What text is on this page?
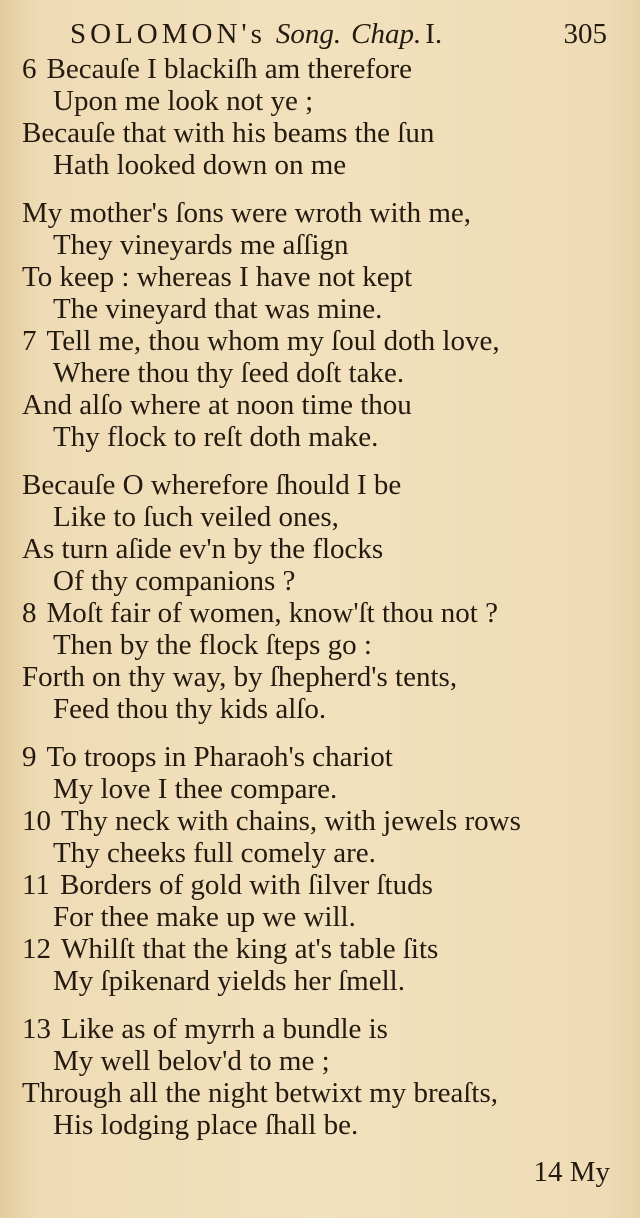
SOLOMON's Song. Chap. I.	305
6 Becauſe I blackiſh am therefore
Upon me look not ye ;
Becauſe that with his beams the ſun
Hath looked down on me
My mother's ſons were wroth with me,
They vineyards me aſſign
To keep : whereas I have not kept
The vineyard that was mine.
7 Tell me, thou whom my ſoul doth love,
Where thou thy ſeed doſt take.
And alſo where at noon time thou
Thy flock to reſt doth make.
Becauſe O wherefore ſhould I be
Like to ſuch veiled ones,
As turn aſide ev'n by the flocks
Of thy companions ?
8 Moſt fair of women, know'ſt thou not ?
Then by the flock ſteps go :
Forth on thy way, by ſhepherd's tents,
Feed thou thy kids alſo.
9 To troops in Pharaoh's chariot
My love I thee compare.
10 Thy neck with chains, with jewels rows
Thy cheeks full comely are.
11 Borders of gold with ſilver ſtuds
For thee make up we will.
12 Whilſt that the king at's table ſits
My ſpikenard yields her ſmell.
13 Like as of myrrh a bundle is
My well belov'd to me ;
Through all the night betwixt my breaſts,
His lodging place ſhall be.
14 My
